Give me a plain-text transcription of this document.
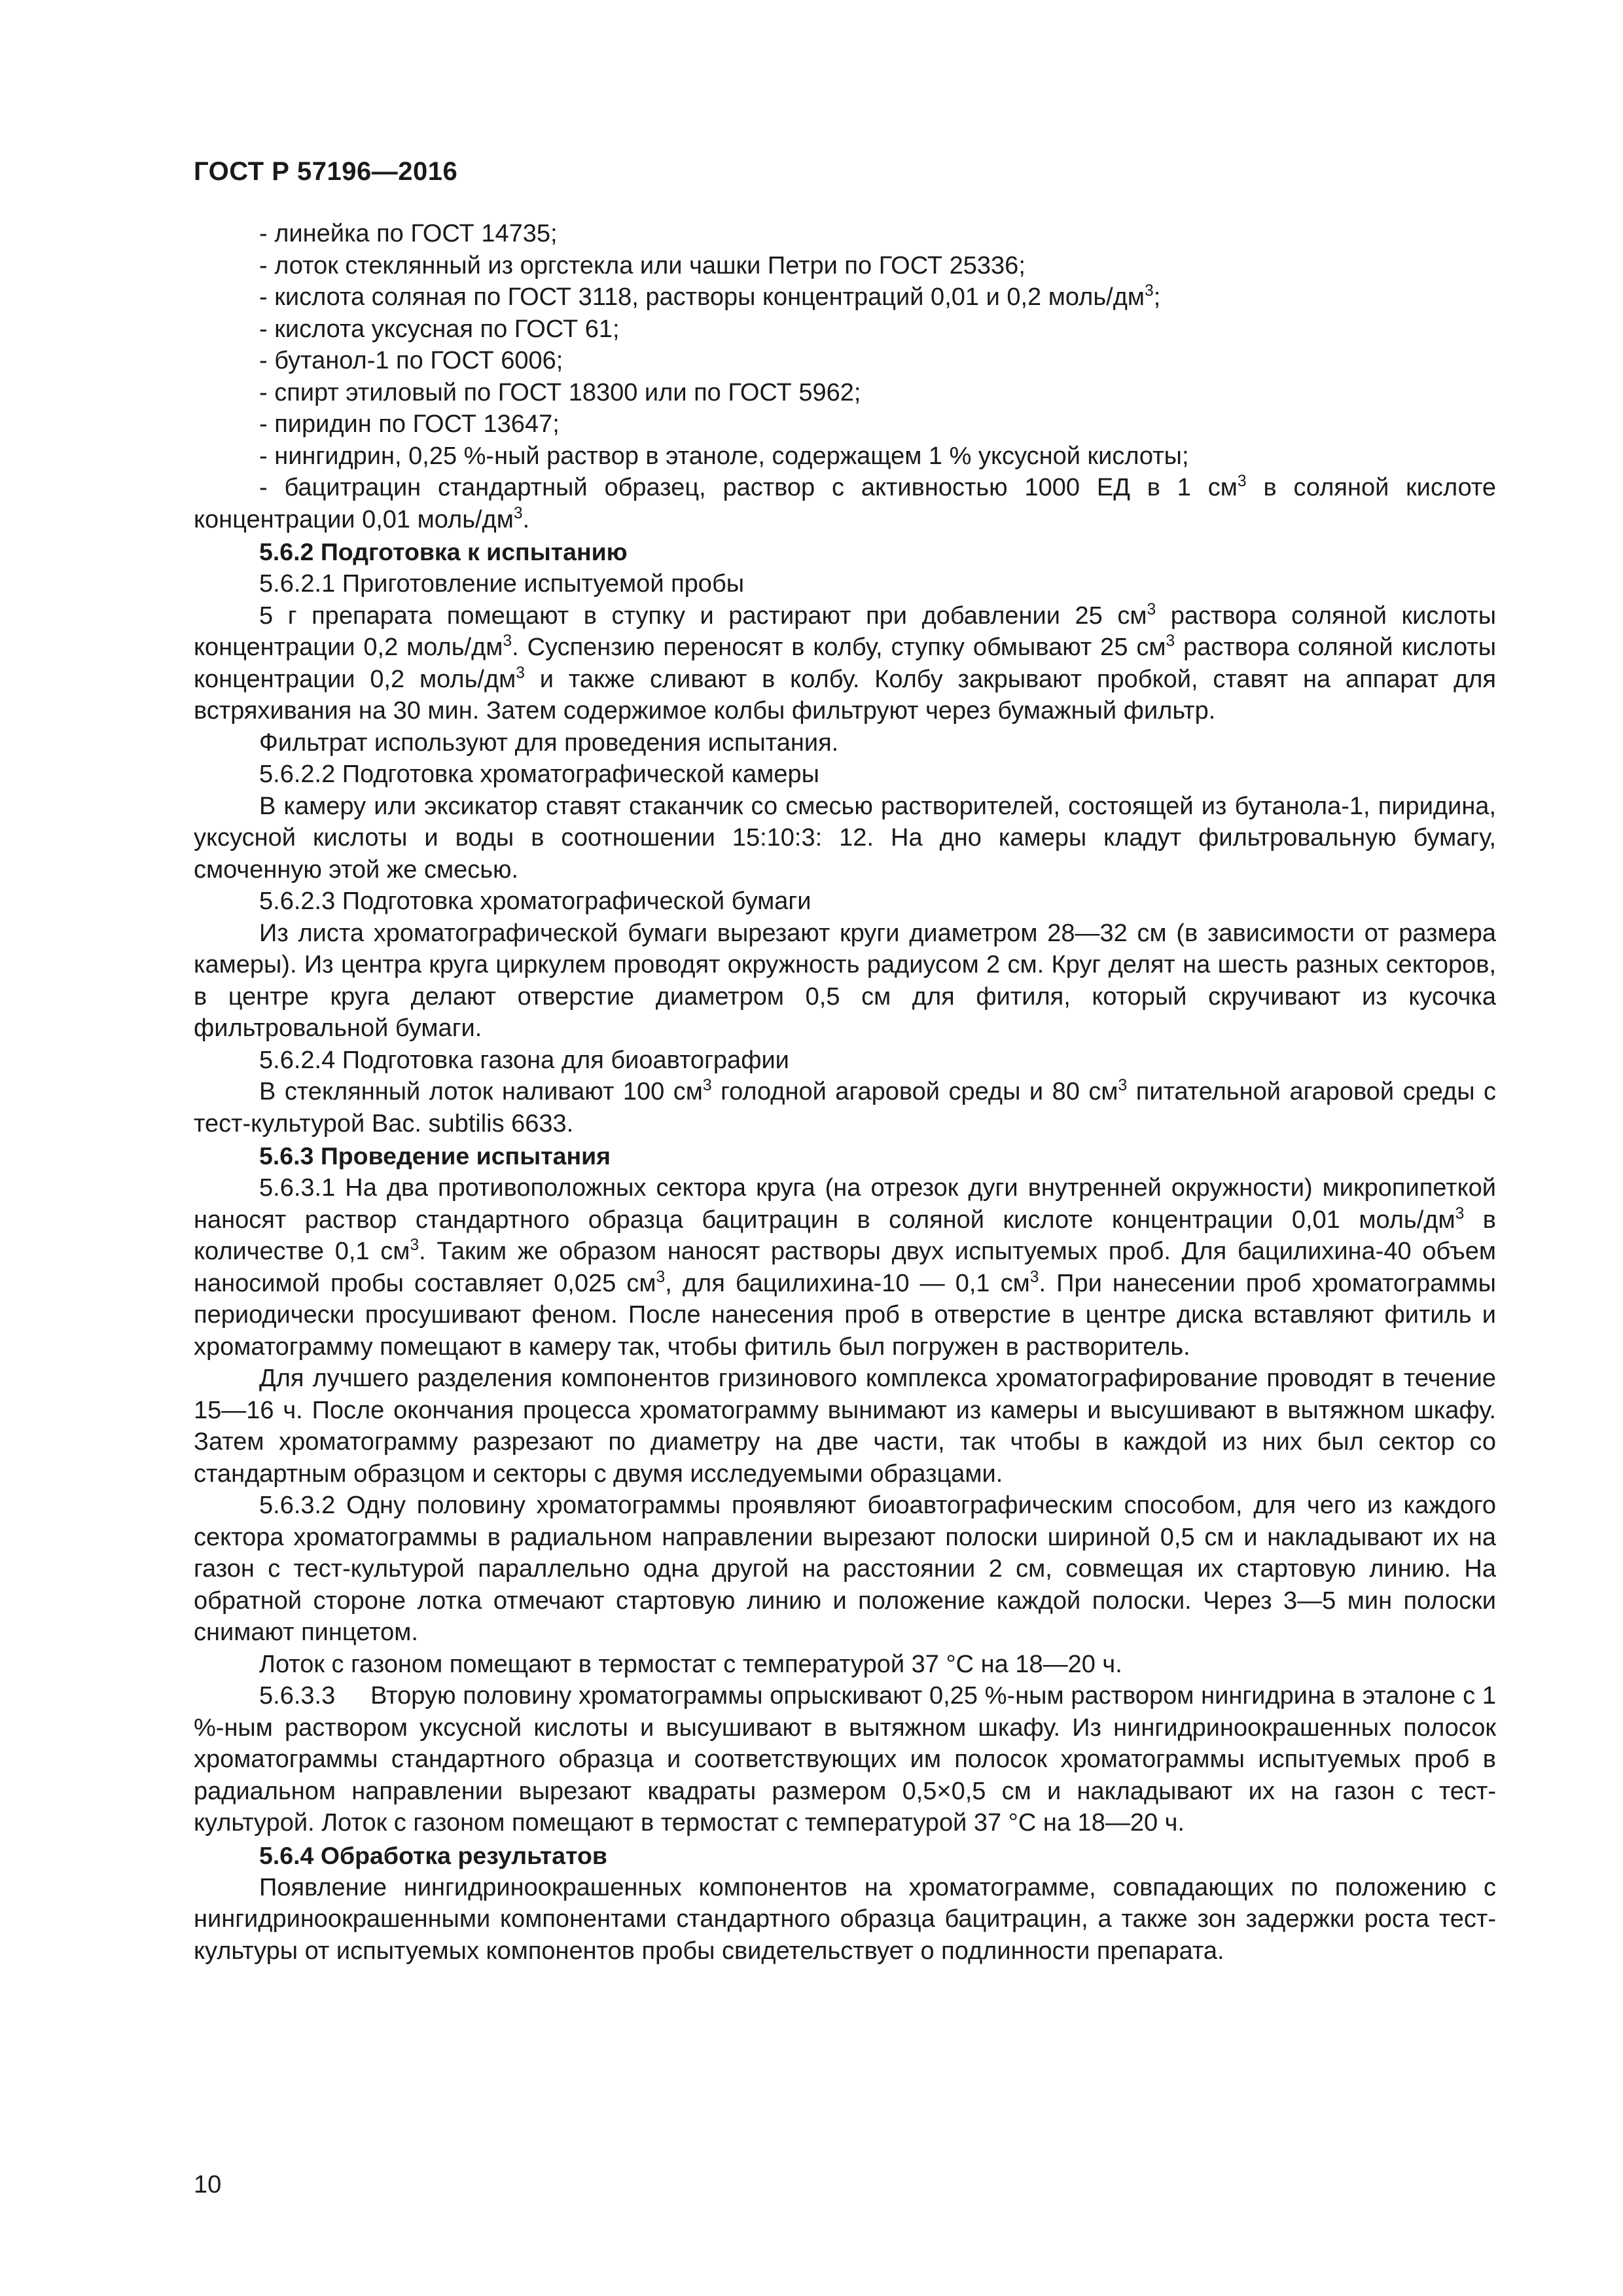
ГОСТ Р 57196—2016
- линейка по ГОСТ 14735;
- лоток стеклянный из оргстекла или чашки Петри по ГОСТ 25336;
- кислота соляная по ГОСТ 3118, растворы концентраций 0,01 и 0,2 моль/$дм^3$;
- кислота уксусная по ГОСТ 61;
- бутанол-1 по ГОСТ 6006;
- спирт этиловый по ГОСТ 18300 или по ГОСТ 5962;
- пиридин по ГОСТ 13647;
- нингидрин, 0,25 %-ный раствор в этаноле, содержащем 1 % уксусной кислоты;
- бацитрацин стандартный образец, раствор с активностью 1000 ЕД в 1 $см^3$ в соляной кислоте концентрации 0,01 моль/$дм^3$.
5.6.2 Подготовка к испытанию
5.6.2.1 Приготовление испытуемой пробы
5 г препарата помещают в ступку и растирают при добавлении 25 $см^3$ раствора соляной кислоты концентрации 0,2 моль/$дм^3$. Суспензию переносят в колбу, ступку обмывают 25 $см^3$ раствора соляной кислоты концентрации 0,2 моль/$дм^3$ и также сливают в колбу. Колбу закрывают пробкой, ставят на аппарат для встряхивания на 30 мин. Затем содержимое колбы фильтруют через бумажный фильтр.
Фильтрат используют для проведения испытания.
5.6.2.2 Подготовка хроматографической камеры
В камеру или эксикатор ставят стаканчик со смесью растворителей, состоящей из бутанола-1, пиридина, уксусной кислоты и воды в соотношении 15:10:3: 12. На дно камеры кладут фильтровальную бумагу, смоченную этой же смесью.
5.6.2.3 Подготовка хроматографической бумаги
Из листа хроматографической бумаги вырезают круги диаметром 28—32 см (в зависимости от размера камеры). Из центра круга циркулем проводят окружность радиусом 2 см. Круг делят на шесть разных секторов, в центре круга делают отверстие диаметром 0,5 см для фитиля, который скручивают из кусочка фильтровальной бумаги.
5.6.2.4 Подготовка газона для биоавтографии
В стеклянный лоток наливают 100 $см^3$ голодной агаровой среды и 80 $см^3$ питательной агаровой среды с тест-культурой Bac. subtilis 6633.
5.6.3 Проведение испытания
5.6.3.1 На два противоположных сектора круга (на отрезок дуги внутренней окружности) микропипеткой наносят раствор стандартного образца бацитрацин в соляной кислоте концентрации 0,01 моль/$дм^3$ в количестве 0,1 $см^3$. Таким же образом наносят растворы двух испытуемых проб. Для бацилихина-40 объем наносимой пробы составляет 0,025 $см^3$, для бацилихина-10 — 0,1 $см^3$. При нанесении проб хроматограммы периодически просушивают феном. После нанесения проб в отверстие в центре диска вставляют фитиль и хроматограмму помещают в камеру так, чтобы фитиль был погружен в растворитель.
Для лучшего разделения компонентов гризинового комплекса хроматографирование проводят в течение 15—16 ч. После окончания процесса хроматограмму вынимают из камеры и высушивают в вытяжном шкафу. Затем хроматограмму разрезают по диаметру на две части, так чтобы в каждой из них был сектор со стандартным образцом и секторы с двумя исследуемыми образцами.
5.6.3.2 Одну половину хроматограммы проявляют биоавтографическим способом, для чего из каждого сектора хроматограммы в радиальном направлении вырезают полоски шириной 0,5 см и накладывают их на газон с тест-культурой параллельно одна другой на расстоянии 2 см, совмещая их стартовую линию. На обратной стороне лотка отмечают стартовую линию и положение каждой полоски. Через 3—5 мин полоски снимают пинцетом.
Лоток с газоном помещают в термостат с температурой 37 °С на 18—20 ч.
5.6.3.3     Вторую половину хроматограммы опрыскивают 0,25 %-ным раствором нингидрина в эталоне с 1 %-ным раствором уксусной кислоты и высушивают в вытяжном шкафу. Из нингидриноокрашенных полосок хроматограммы стандартного образца и соответствующих им полосок хроматограммы испытуемых проб в радиальном направлении вырезают квадраты размером 0,5×0,5 см и накладывают их на газон с тест-культурой. Лоток с газоном помещают в термостат с температурой 37 °С на 18—20 ч.
5.6.4 Обработка результатов
Появление нингидриноокрашенных компонентов на хроматограмме, совпадающих по положению с нингидриноокрашенными компонентами стандартного образца бацитрацин, а также зон задержки роста тест-культуры от испытуемых компонентов пробы свидетельствует о подлинности препарата.
10
